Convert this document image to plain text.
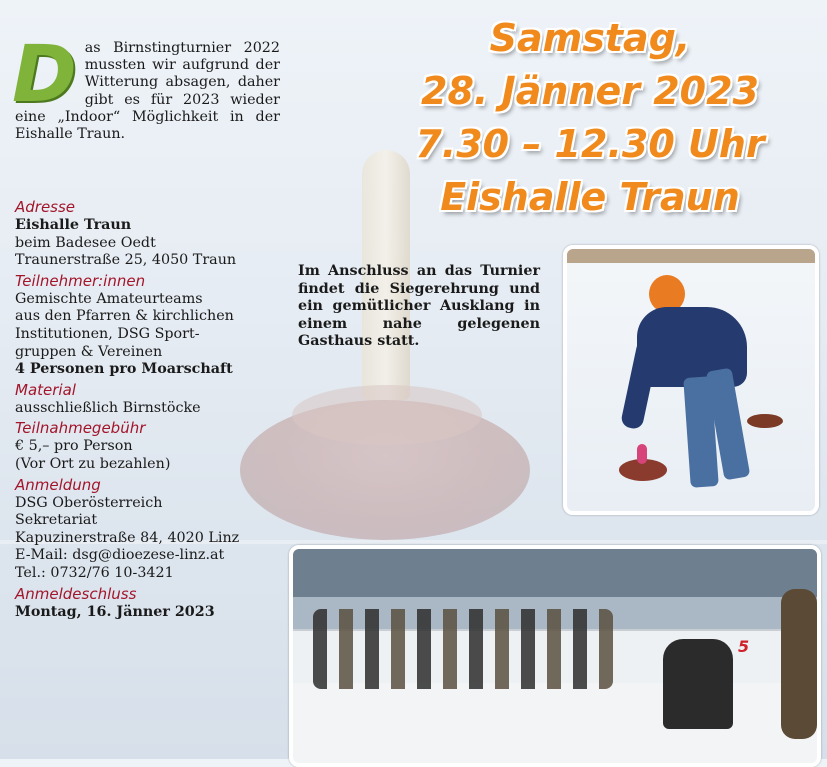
D as Birnstingturnier 2022 mussten wir aufgrund der Witterung absagen, daher gibt es für 2023 wieder eine „Indoor“ Möglichkeit in der Eishalle Traun.
Samstag,
28. Jänner 2023
7.30 – 12.30 Uhr
Eishalle Traun
Adresse
Eishalle Traun
beim Badesee Oedt
Traunerstraße 25, 4050 Traun
Teilnehmer:innen
Gemischte Amateurteams
aus den Pfarren & kirchlichen
Institutionen, DSG Sport-
gruppen & Vereinen
4 Personen pro Moarschaft
Material
ausschließlich Birnstöcke
Teilnahmegebühr
€ 5,– pro Person
(Vor Ort zu bezahlen)
Anmeldung
DSG Oberösterreich
Sekretariat
Kapuzinerstraße 84, 4020 Linz
E-Mail: dsg@dioezese-linz.at
Tel.: 0732/76 10-3421
Anmeldeschluss
Montag, 16. Jänner 2023
Im Anschluss an das Turnier findet die Siegerehrung und ein gemütlicher Ausklang in einem nahe gelegenen Gasthaus statt.
5
